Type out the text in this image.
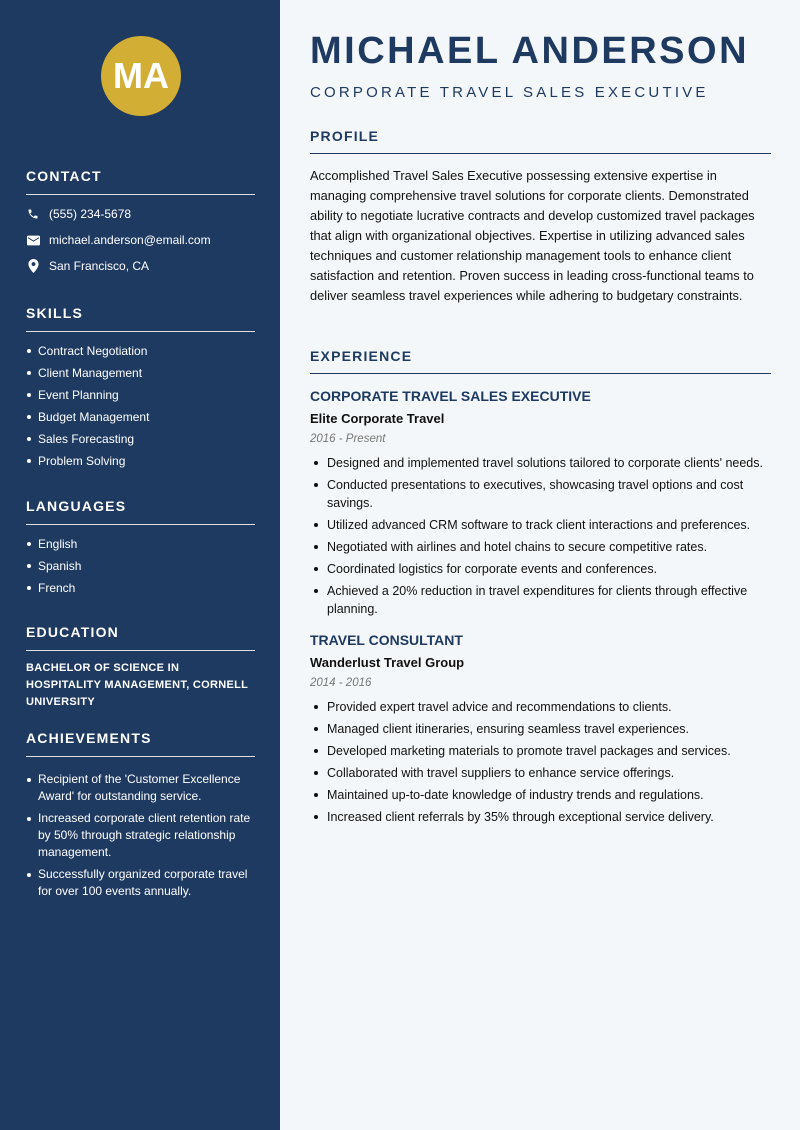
MA
CONTACT
(555) 234-5678
michael.anderson@email.com
San Francisco, CA
SKILLS
Contract Negotiation
Client Management
Event Planning
Budget Management
Sales Forecasting
Problem Solving
LANGUAGES
English
Spanish
French
EDUCATION
BACHELOR OF SCIENCE IN HOSPITALITY MANAGEMENT, CORNELL UNIVERSITY
ACHIEVEMENTS
Recipient of the 'Customer Excellence Award' for outstanding service.
Increased corporate client retention rate by 50% through strategic relationship management.
Successfully organized corporate travel for over 100 events annually.
MICHAEL ANDERSON
CORPORATE TRAVEL SALES EXECUTIVE
PROFILE

Accomplished Travel Sales Executive possessing extensive expertise in managing comprehensive travel solutions for corporate clients. Demonstrated ability to negotiate lucrative contracts and develop customized travel packages that align with organizational objectives. Expertise in utilizing advanced sales techniques and customer relationship management tools to enhance client satisfaction and retention. Proven success in leading cross-functional teams to deliver seamless travel experiences while adhering to budgetary constraints.

EXPERIENCE
CORPORATE TRAVEL SALES EXECUTIVE
Elite Corporate Travel
2016 - Present
Designed and implemented travel solutions tailored to corporate clients' needs.
Conducted presentations to executives, showcasing travel options and cost savings.
Utilized advanced CRM software to track client interactions and preferences.
Negotiated with airlines and hotel chains to secure competitive rates.
Coordinated logistics for corporate events and conferences.
Achieved a 20% reduction in travel expenditures for clients through effective planning.
TRAVEL CONSULTANT
Wanderlust Travel Group
2014 - 2016
Provided expert travel advice and recommendations to clients.
Managed client itineraries, ensuring seamless travel experiences.
Developed marketing materials to promote travel packages and services.
Collaborated with travel suppliers to enhance service offerings.
Maintained up-to-date knowledge of industry trends and regulations.
Increased client referrals by 35% through exceptional service delivery.
